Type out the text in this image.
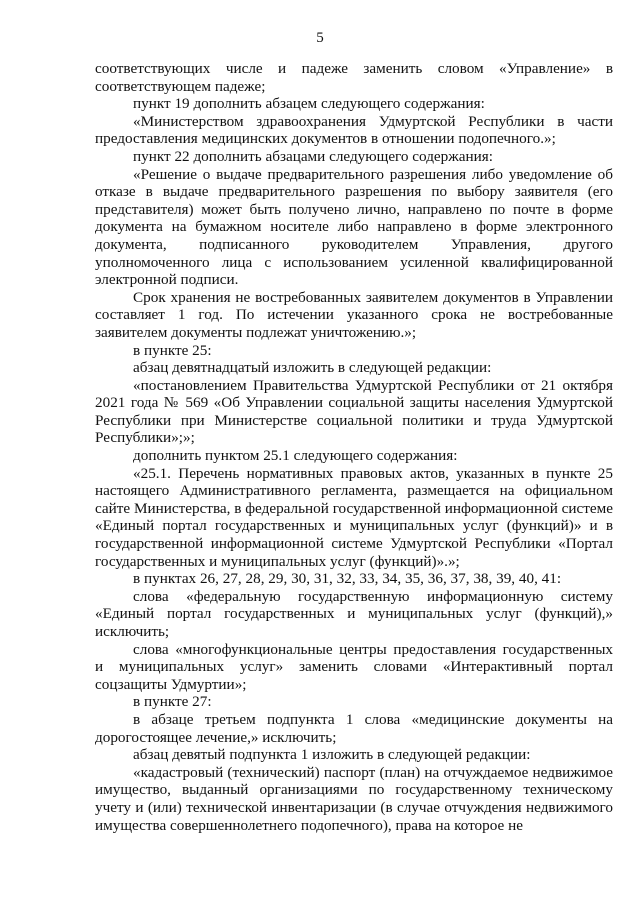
5

соответствующих числе и падеже заменить словом «Управление» в соответствующем падеже;

пункт 19 дополнить абзацем следующего содержания:

«Министерством здравоохранения Удмуртской Республики в части предоставления медицинских документов в отношении подопечного.»;

пункт 22 дополнить абзацами следующего содержания:

«Решение о выдаче предварительного разрешения либо уведомление об отказе в выдаче предварительного разрешения по выбору заявителя (его представителя) может быть получено лично, направлено по почте в форме документа на бумажном носителе либо направлено в форме электронного документа, подписанного руководителем Управления, другого уполномоченного лица с использованием усиленной квалифицированной электронной подписи.

Срок хранения не востребованных заявителем документов в Управлении составляет 1 год. По истечении указанного срока не востребованные заявителем документы подлежат уничтожению.»;

в пункте 25:

абзац девятнадцатый изложить в следующей редакции:

«постановлением Правительства Удмуртской Республики от 21 октября 2021 года № 569 «Об Управлении социальной защиты населения Удмуртской Республики при Министерстве социальной политики и труда Удмуртской Республики»;»;

дополнить пунктом 25.1 следующего содержания:

«25.1. Перечень нормативных правовых актов, указанных в пункте 25 настоящего Административного регламента, размещается на официальном сайте Министерства, в федеральной государственной информационной системе «Единый портал государственных и муниципальных услуг (функций)» и в государственной информационной системе Удмуртской Республики «Портал государственных и муниципальных услуг (функций)».»;

в пунктах 26, 27, 28, 29, 30, 31, 32, 33, 34, 35, 36, 37, 38, 39, 40, 41:

слова «федеральную государственную информационную систему «Единый портал государственных и муниципальных услуг (функций),» исключить;

слова «многофункциональные центры предоставления государственных и муниципальных услуг» заменить словами «Интерактивный портал соцзащиты Удмуртии»;

в пункте 27:

в абзаце третьем подпункта 1 слова «медицинские документы на дорогостоящее лечение,» исключить;

абзац девятый подпункта 1 изложить в следующей редакции:

«кадастровый (технический) паспорт (план) на отчуждаемое недвижимое имущество, выданный организациями по государственному техническому учету и (или) технической инвентаризации (в случае отчуждения недвижимого имущества совершеннолетнего подопечного), права на которое не
